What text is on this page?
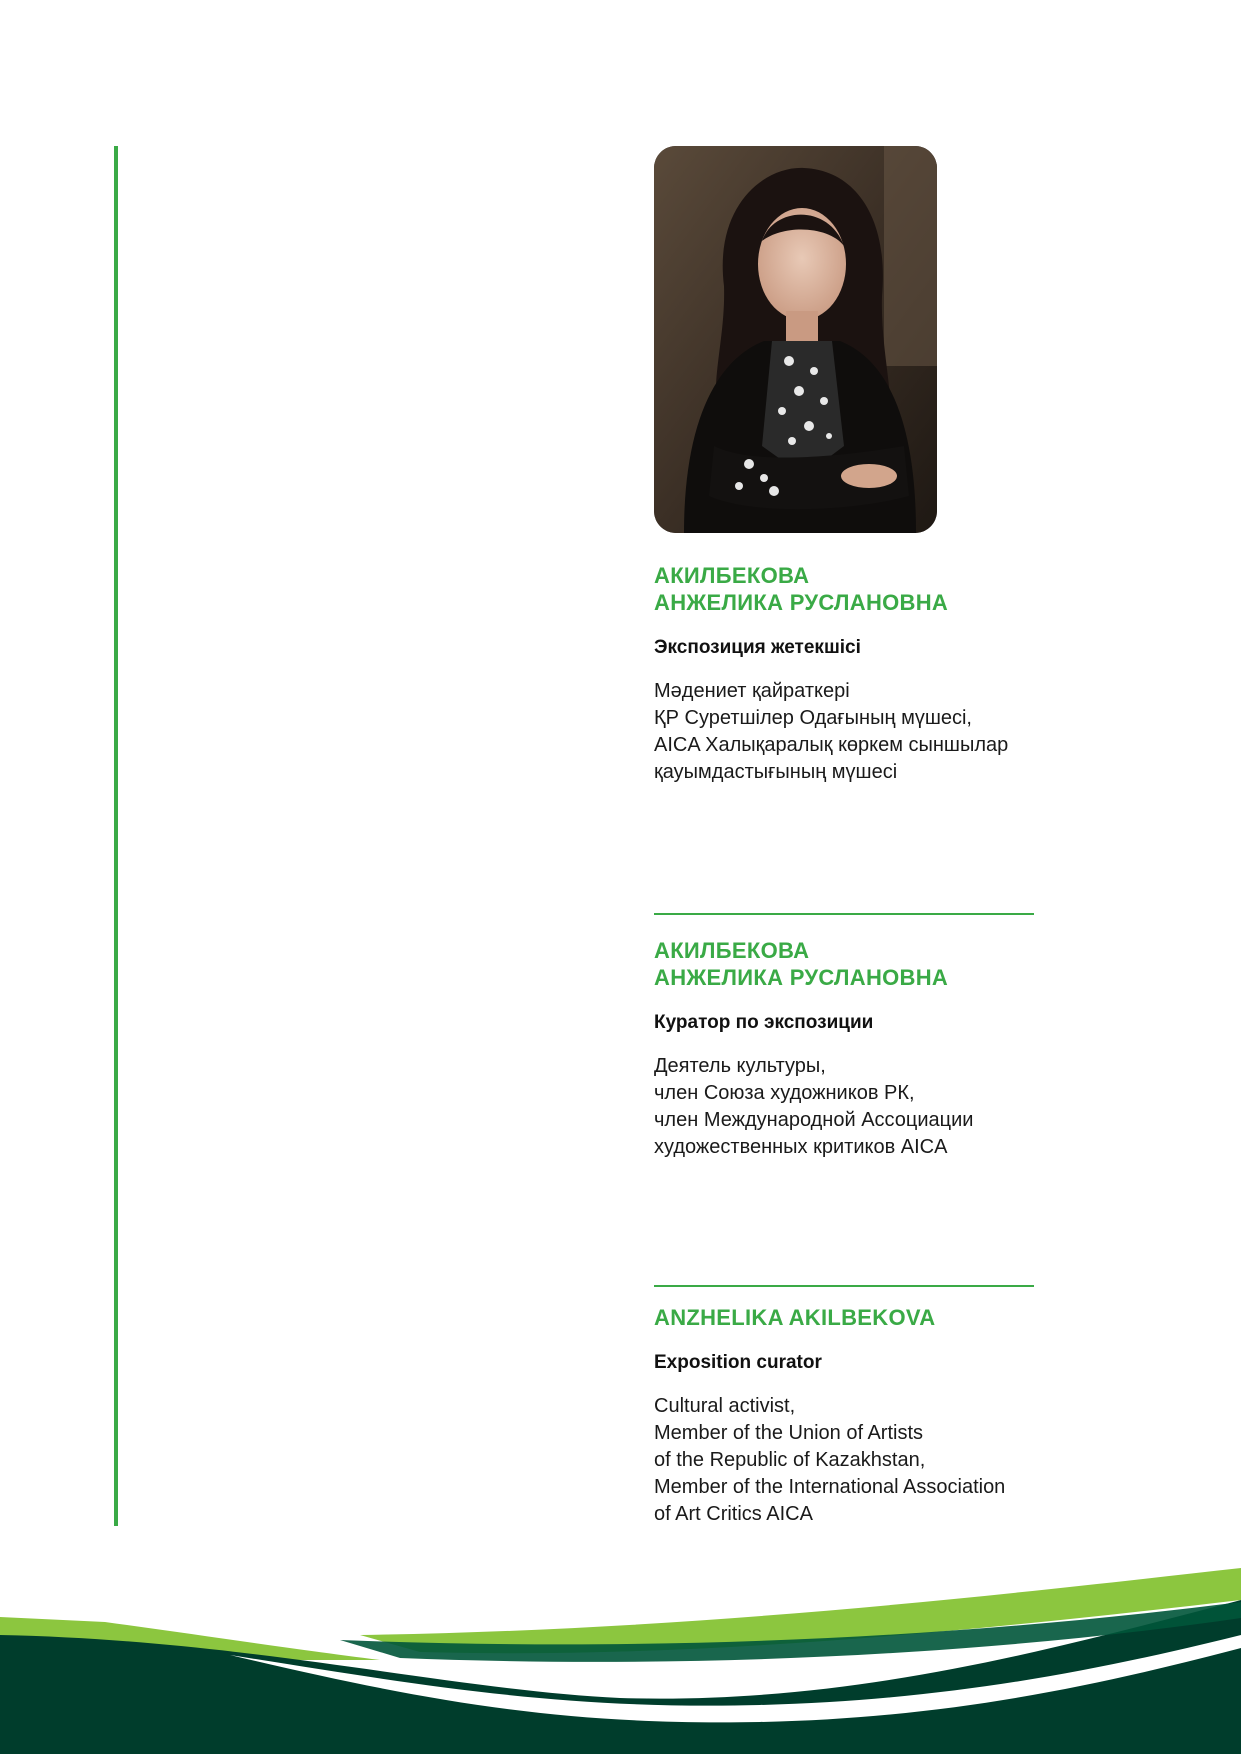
АКИЛБЕКОВА
АНЖЕЛИКА РУСЛАНОВНА

Экспозиция жетекшісі

Мәдениет қайраткері
ҚР Суретшілер Одағының мүшесі,
AICA Халықаралық көркем сыншылар
қауымдастығының мүшесі

АКИЛБЕКОВА
АНЖЕЛИКА РУСЛАНОВНА

Куратор по экспозиции

Деятель культуры,
член Союза художников РК,
член Международной Ассоциации
художественных критиков AICA

ANZHELIKA AKILBEKOVA

Exposition curator

Cultural activist,
Member of the Union of Artists
of the Republic of Kazakhstan,
Member of the International Association
of Art Critics AICA
